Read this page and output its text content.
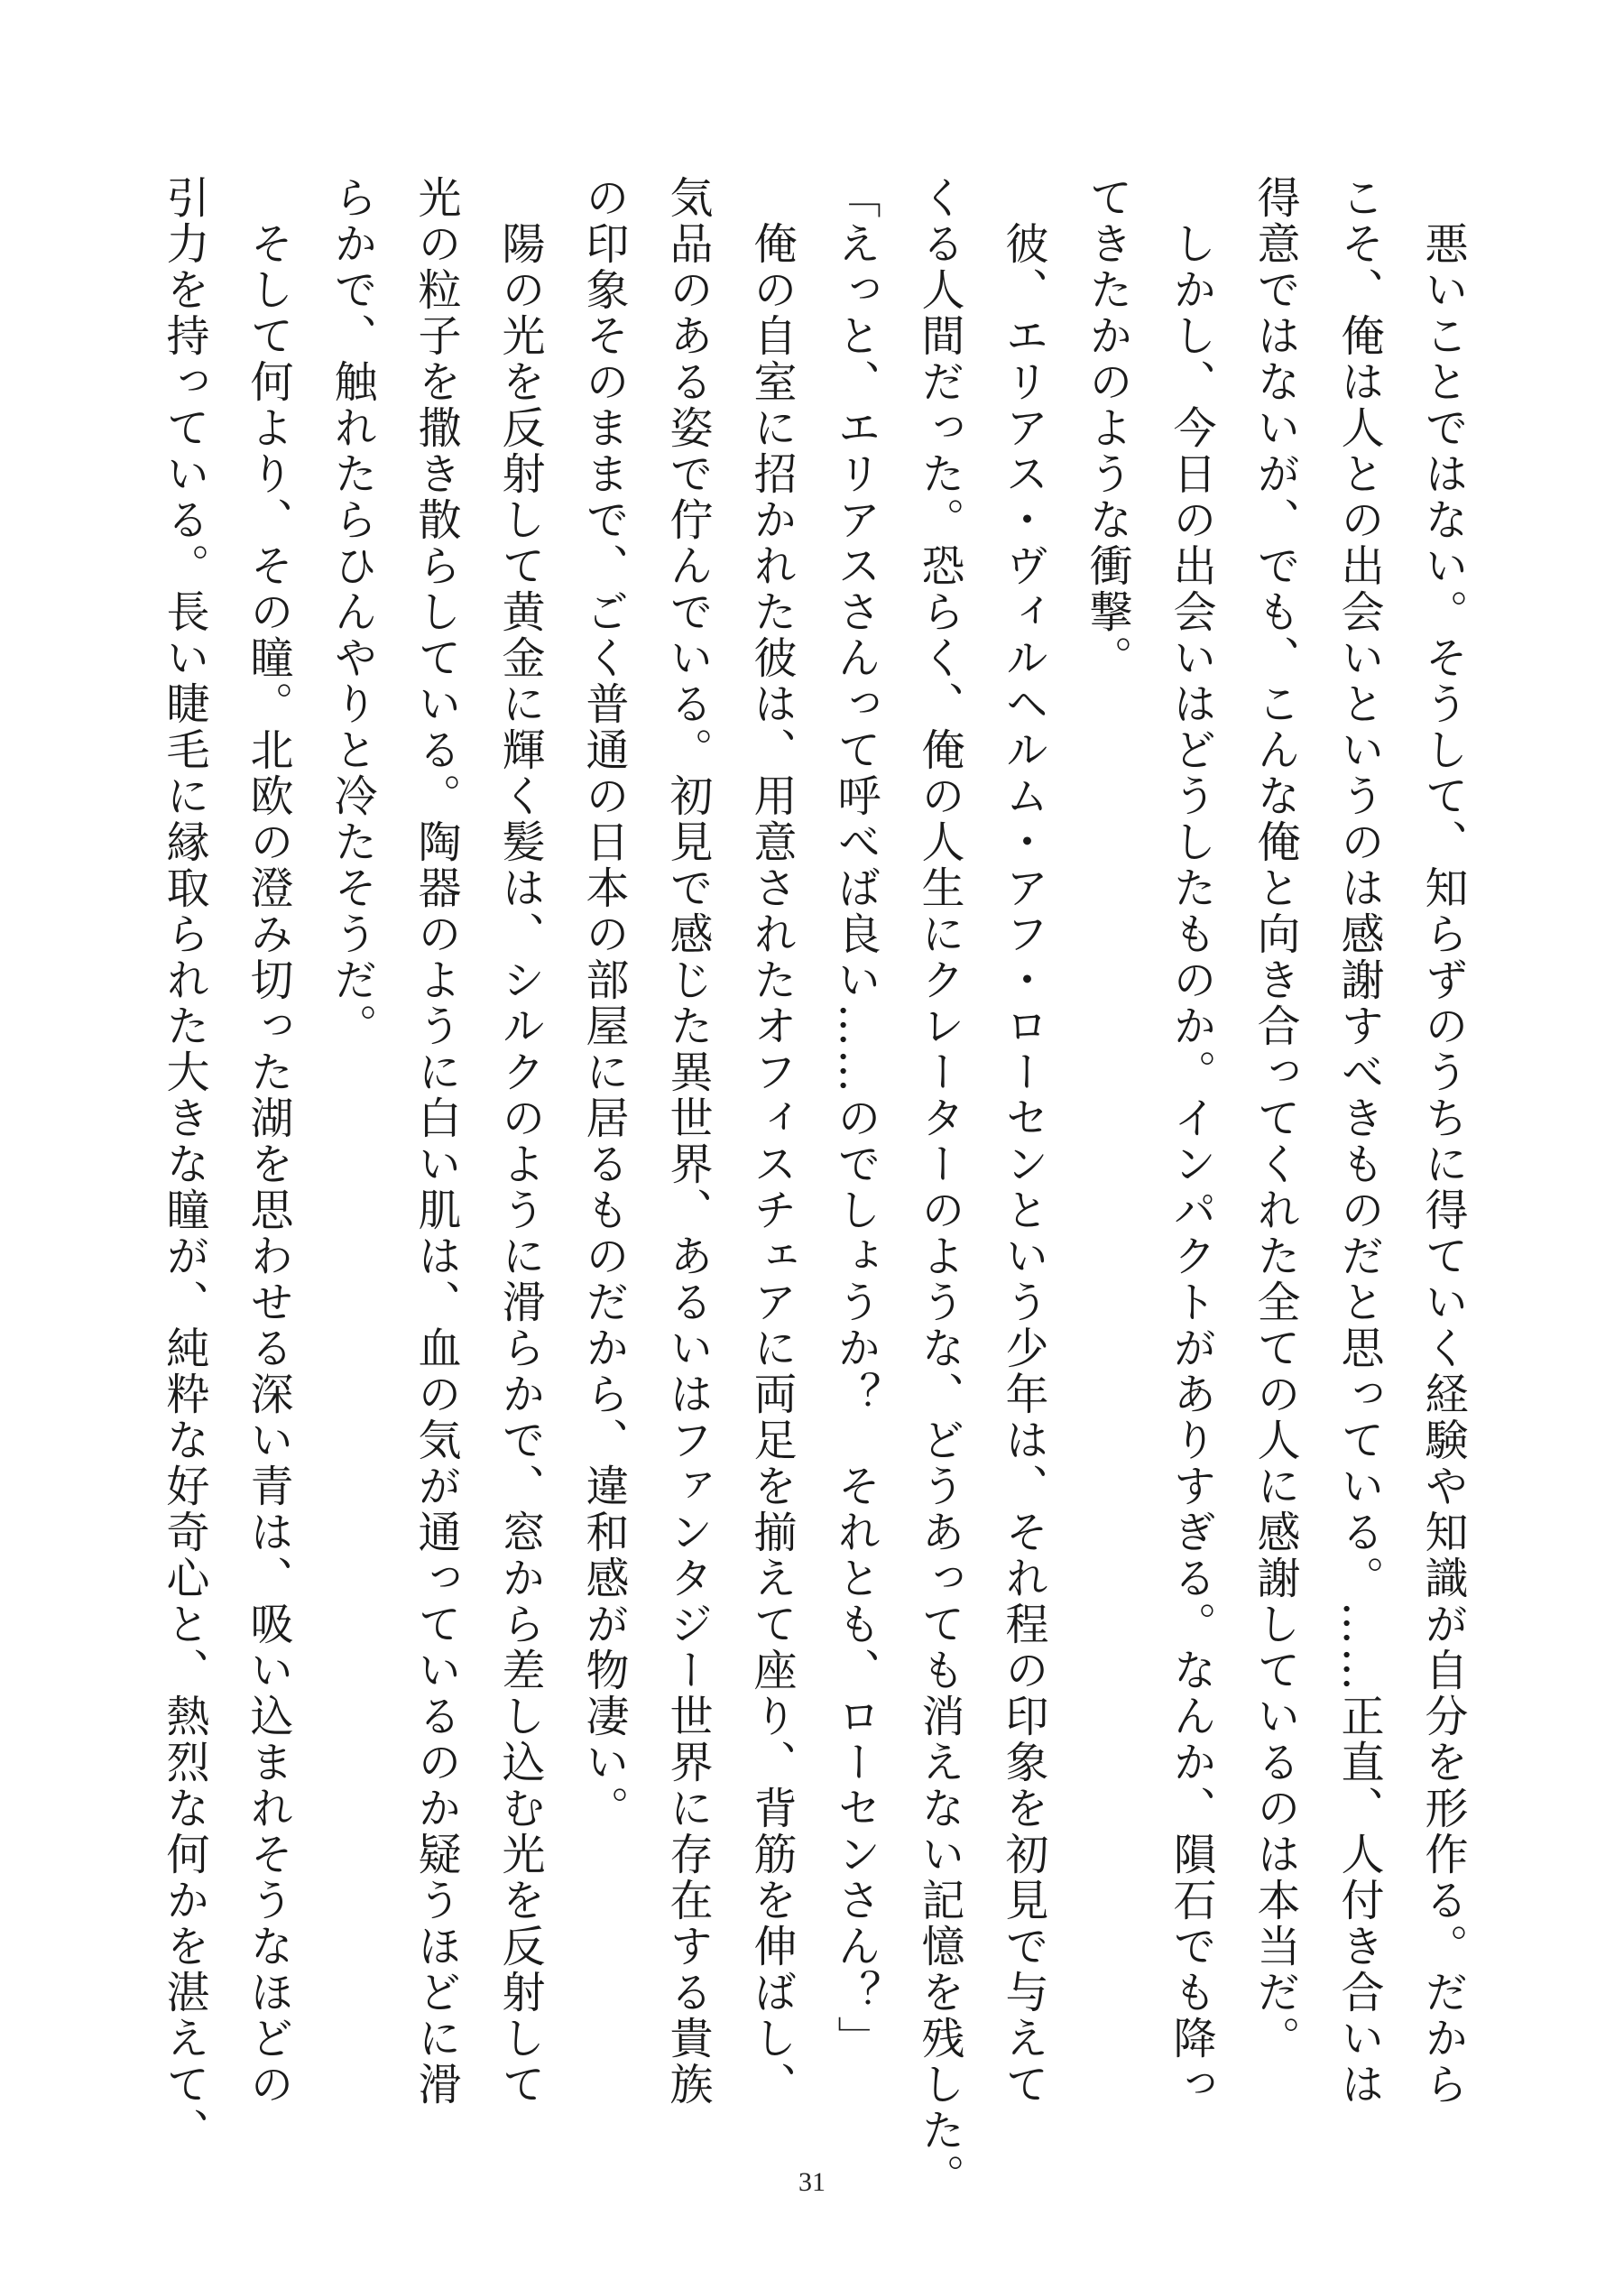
　悪いことではない。そうして、知らずのうちに得ていく経験や知識が自分を形作る。だから
こそ、俺は人との出会いというのは感謝すべきものだと思っている。……正直、人付き合いは
得意ではないが、でも、こんな俺と向き合ってくれた全ての人に感謝しているのは本当だ。
　しかし、今日の出会いはどうしたものか。インパクトがありすぎる。なんか、隕石でも降っ
てきたかのような衝撃。
　彼、エリアス・ヴィルヘルム・アフ・ローセンという少年は、それ程の印象を初見で与えて
くる人間だった。恐らく、俺の人生にクレーターのような、どうあっても消えない記憶を残した。
「えっと、エリアスさんって呼べば良い……のでしょうか？　それとも、ローセンさん？」
　俺の自室に招かれた彼は、用意されたオフィスチェアに両足を揃えて座り、背筋を伸ばし、
気品のある姿で佇んでいる。初見で感じた異世界、あるいはファンタジー世界に存在する貴族
の印象そのままで、ごく普通の日本の部屋に居るものだから、違和感が物凄い。
　陽の光を反射して黄金に輝く髪は、シルクのように滑らかで、窓から差し込む光を反射して
光の粒子を撒き散らしている。陶器のように白い肌は、血の気が通っているのか疑うほどに滑
らかで、触れたらひんやりと冷たそうだ。
　そして何より、その瞳。北欧の澄み切った湖を思わせる深い青は、吸い込まれそうなほどの
引力を持っている。長い睫毛に縁取られた大きな瞳が、純粋な好奇心と、熱烈な何かを湛えて、
31
